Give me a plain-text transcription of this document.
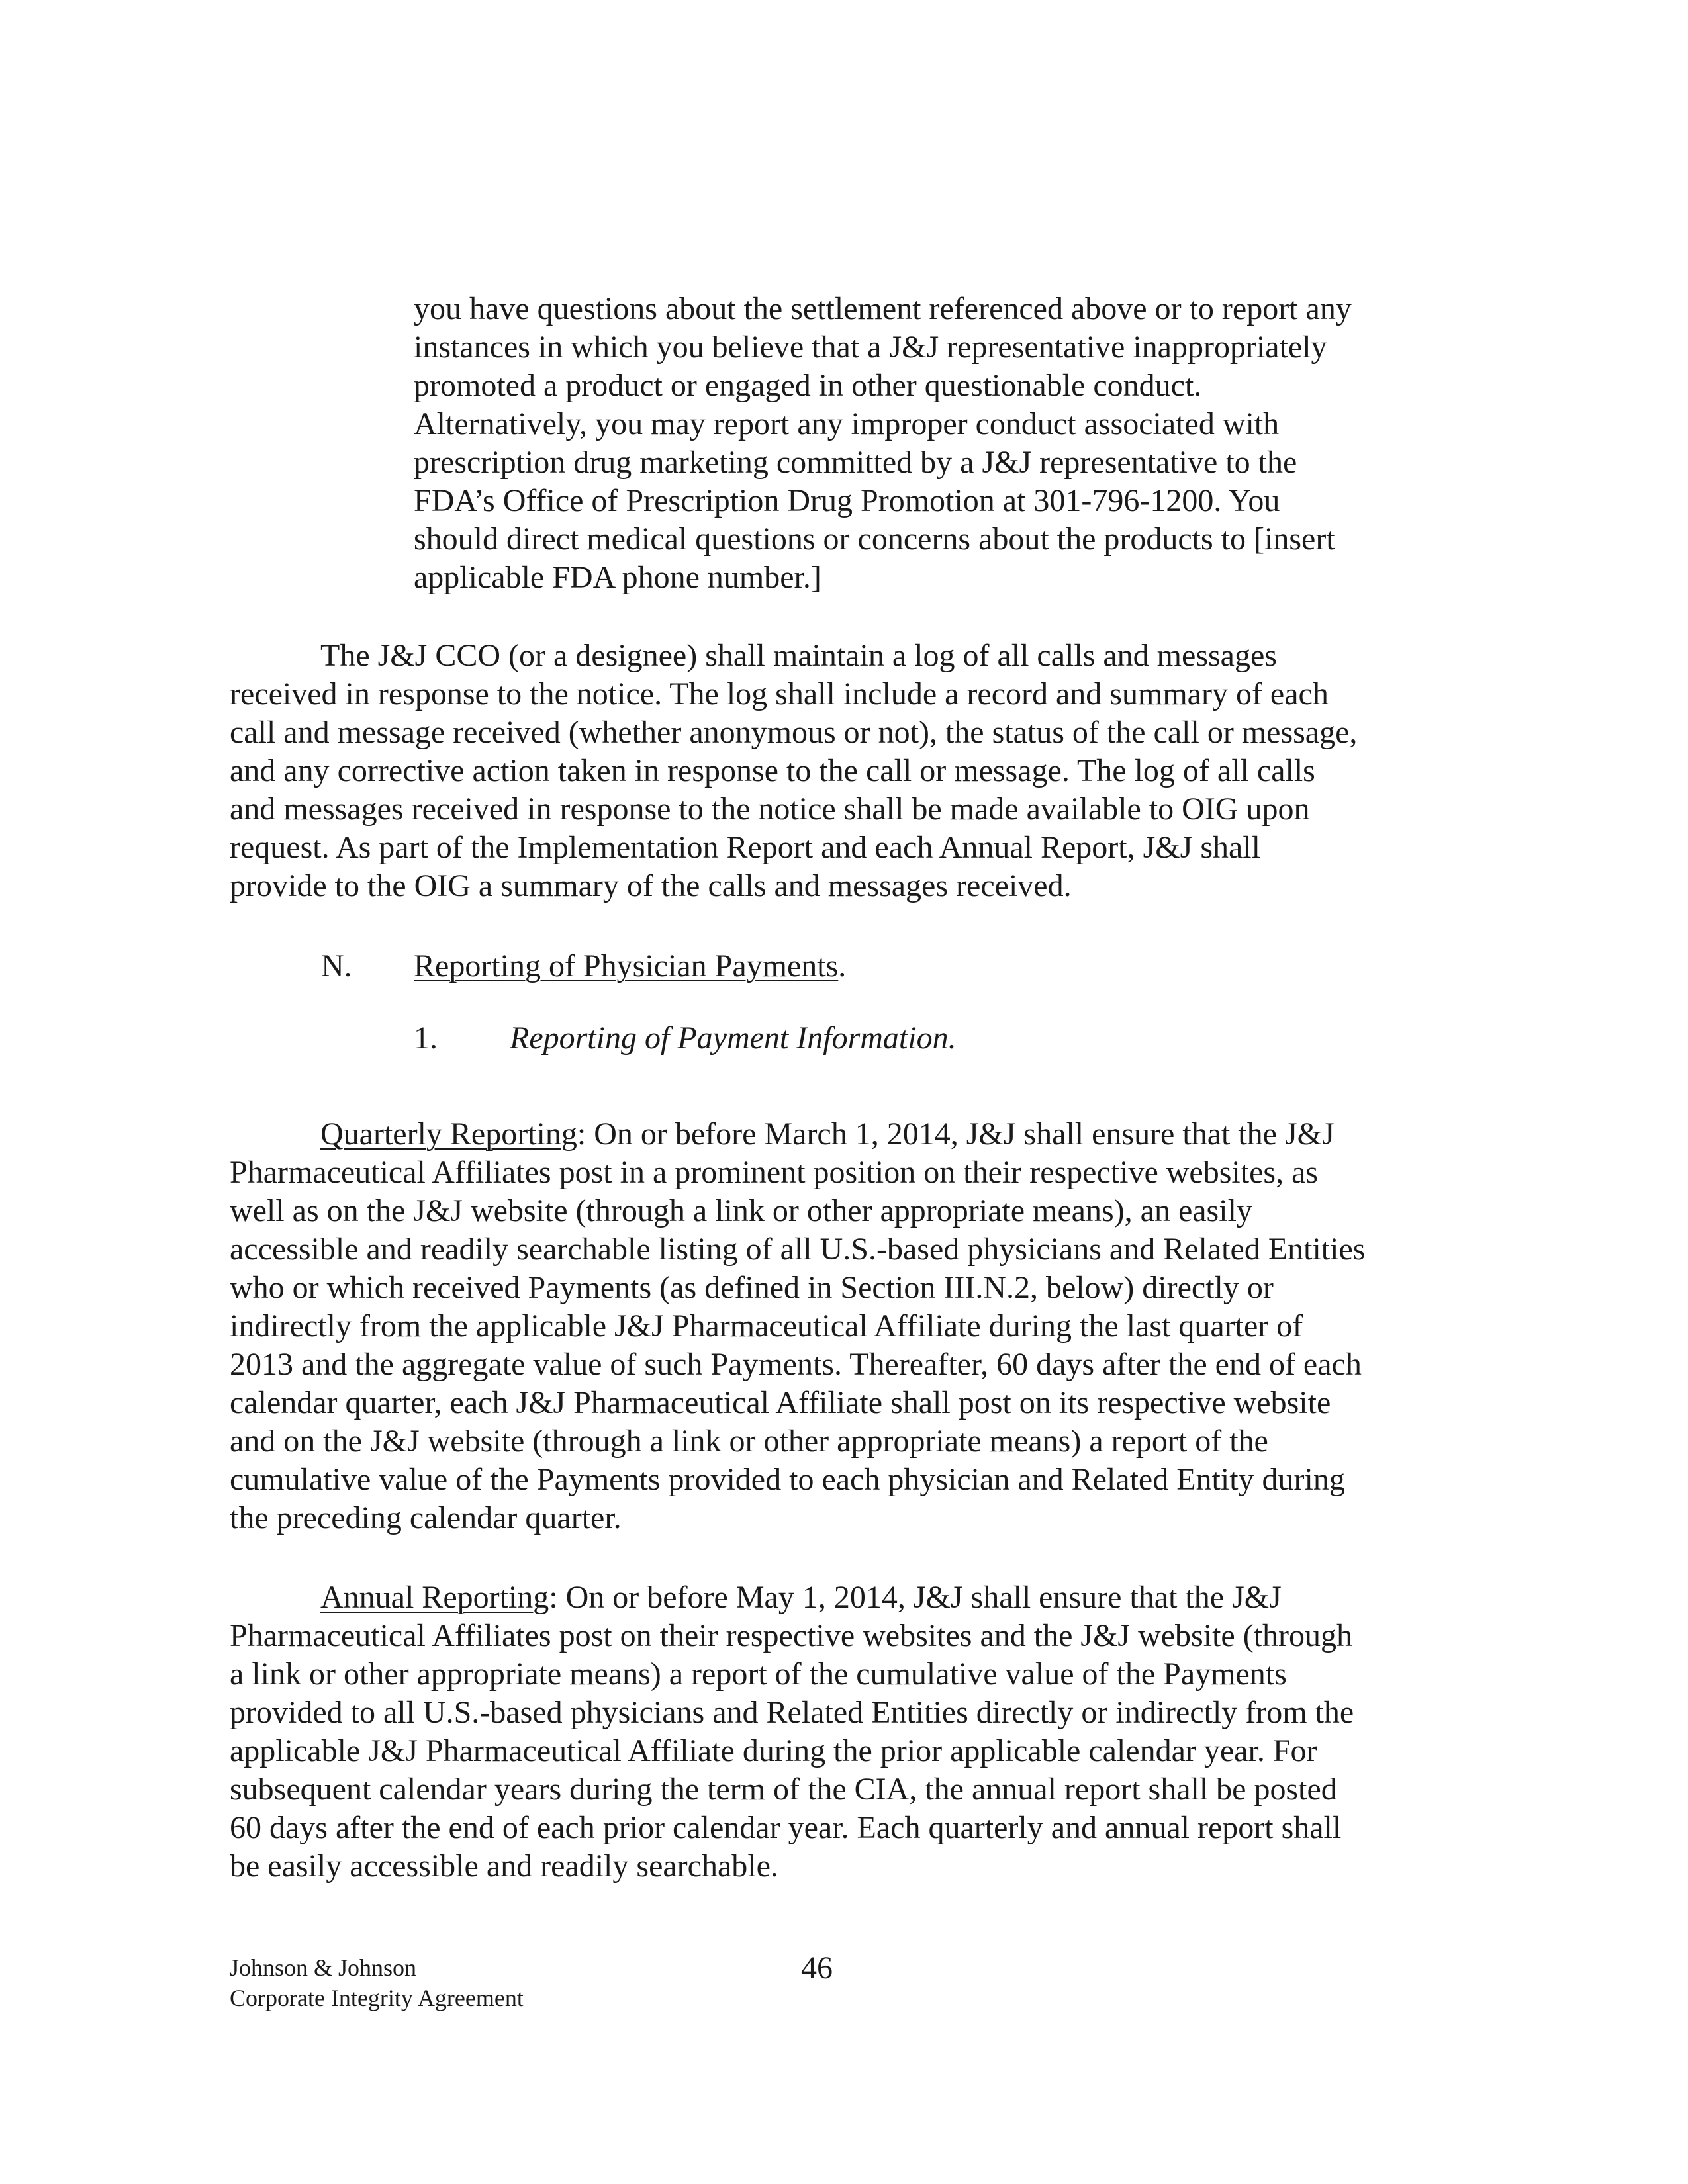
you have questions about the settlement referenced above or to report any
instances in which you believe that a J&J representative inappropriately
promoted a product or engaged in other questionable conduct.
Alternatively, you may report any improper conduct associated with
prescription drug marketing committed by a J&J representative to the
FDA’s Office of Prescription Drug Promotion at 301-796-1200. You
should direct medical questions or concerns about the products to [insert
applicable FDA phone number.]
The J&J CCO (or a designee) shall maintain a log of all calls and messages
received in response to the notice. The log shall include a record and summary of each
call and message received (whether anonymous or not), the status of the call or message,
and any corrective action taken in response to the call or message. The log of all calls
and messages received in response to the notice shall be made available to OIG upon
request. As part of the Implementation Report and each Annual Report, J&J shall
provide to the OIG a summary of the calls and messages received.
N. Reporting of Physician Payments.
1. Reporting of Payment Information.
Quarterly Reporting: On or before March 1, 2014, J&J shall ensure that the J&J
Pharmaceutical Affiliates post in a prominent position on their respective websites, as
well as on the J&J website (through a link or other appropriate means), an easily
accessible and readily searchable listing of all U.S.-based physicians and Related Entities
who or which received Payments (as defined in Section III.N.2, below) directly or
indirectly from the applicable J&J Pharmaceutical Affiliate during the last quarter of
2013 and the aggregate value of such Payments. Thereafter, 60 days after the end of each
calendar quarter, each J&J Pharmaceutical Affiliate shall post on its respective website
and on the J&J website (through a link or other appropriate means) a report of the
cumulative value of the Payments provided to each physician and Related Entity during
the preceding calendar quarter.
Annual Reporting: On or before May 1, 2014, J&J shall ensure that the J&J
Pharmaceutical Affiliates post on their respective websites and the J&J website (through
a link or other appropriate means) a report of the cumulative value of the Payments
provided to all U.S.-based physicians and Related Entities directly or indirectly from the
applicable J&J Pharmaceutical Affiliate during the prior applicable calendar year. For
subsequent calendar years during the term of the CIA, the annual report shall be posted
60 days after the end of each prior calendar year. Each quarterly and annual report shall
be easily accessible and readily searchable.
Johnson & Johnson
Corporate Integrity Agreement
46
